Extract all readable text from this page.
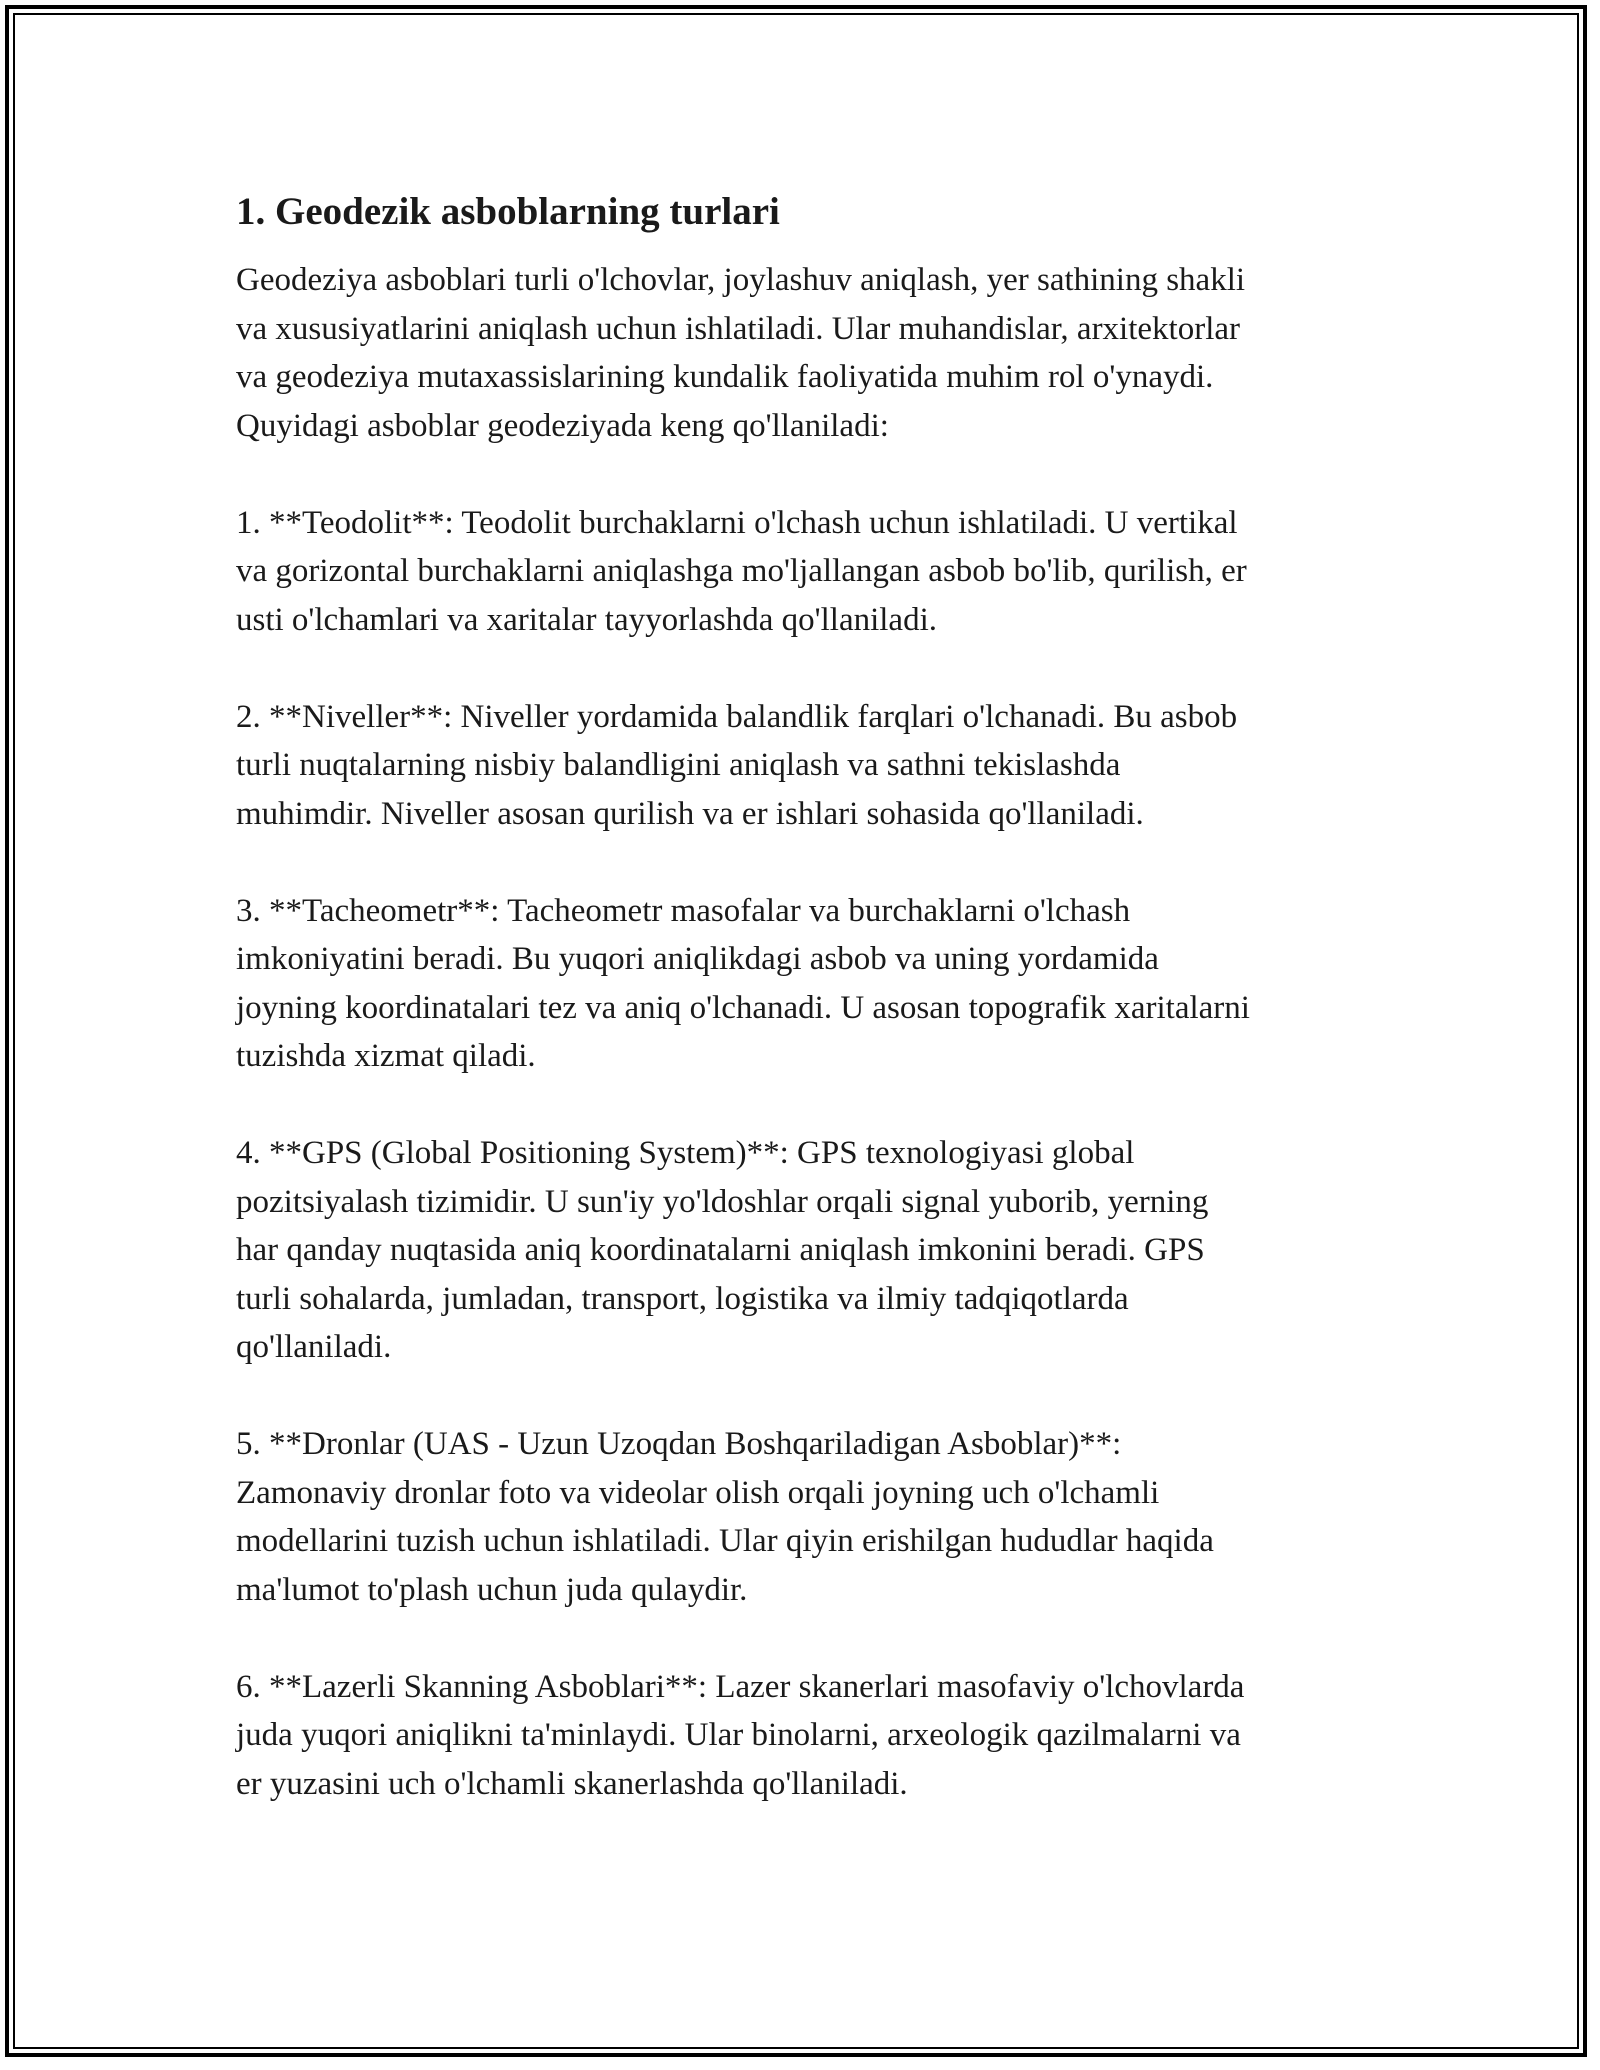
1. Geodezik asboblarning turlari

Geodeziya asboblari turli o'lchovlar, joylashuv aniqlash, yer sathining shakli
va xususiyatlarini aniqlash uchun ishlatiladi. Ular muhandislar, arxitektorlar
va geodeziya mutaxassislarining kundalik faoliyatida muhim rol o'ynaydi.
Quyidagi asboblar geodeziyada keng qo'llaniladi:

1. **Teodolit**: Teodolit burchaklarni o'lchash uchun ishlatiladi. U vertikal
va gorizontal burchaklarni aniqlashga mo'ljallangan asbob bo'lib, qurilish, er
usti o'lchamlari va xaritalar tayyorlashda qo'llaniladi.

2. **Niveller**: Niveller yordamida balandlik farqlari o'lchanadi. Bu asbob
turli nuqtalarning nisbiy balandligini aniqlash va sathni tekislashda
muhimdir. Niveller asosan qurilish va er ishlari sohasida qo'llaniladi.

3. **Tacheometr**: Tacheometr masofalar va burchaklarni o'lchash
imkoniyatini beradi. Bu yuqori aniqlikdagi asbob va uning yordamida
joyning koordinatalari tez va aniq o'lchanadi. U asosan topografik xaritalarni
tuzishda xizmat qiladi.

4. **GPS (Global Positioning System)**: GPS texnologiyasi global
pozitsiyalash tizimidir. U sun'iy yo'ldoshlar orqali signal yuborib, yerning
har qanday nuqtasida aniq koordinatalarni aniqlash imkonini beradi. GPS
turli sohalarda, jumladan, transport, logistika va ilmiy tadqiqotlarda
qo'llaniladi.

5. **Dronlar (UAS - Uzun Uzoqdan Boshqariladigan Asboblar)**:
Zamonaviy dronlar foto va videolar olish orqali joyning uch o'lchamli
modellarini tuzish uchun ishlatiladi. Ular qiyin erishilgan hududlar haqida
ma'lumot to'plash uchun juda qulaydir.

6. **Lazerli Skanning Asboblari**: Lazer skanerlari masofaviy o'lchovlarda
juda yuqori aniqlikni ta'minlaydi. Ular binolarni, arxeologik qazilmalarni va
er yuzasini uch o'lchamli skanerlashda qo'llaniladi.
